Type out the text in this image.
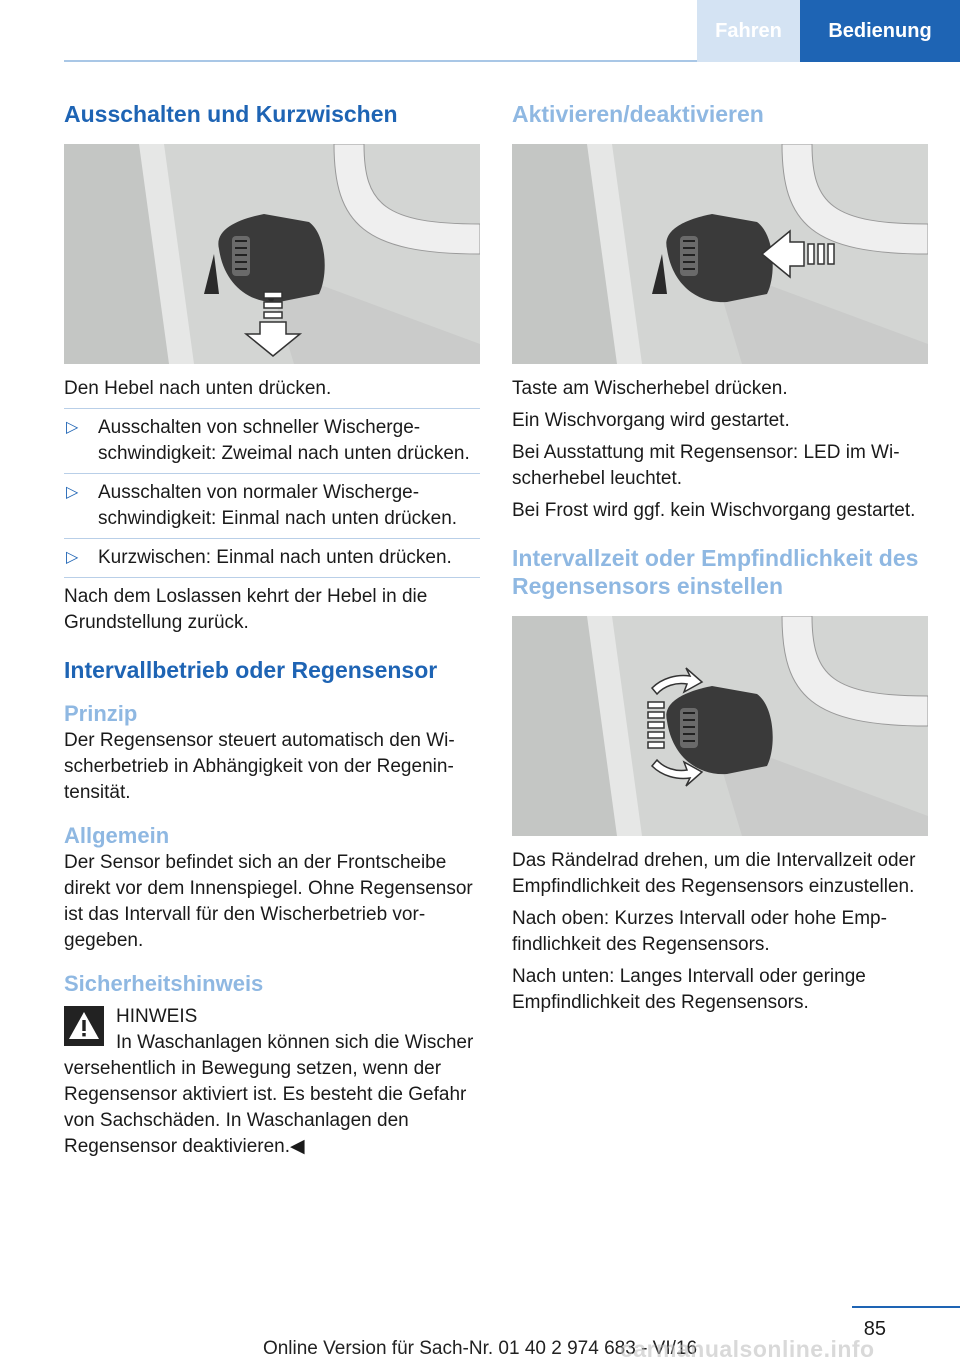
Fahren	Bedienung
Ausschalten und Kurzwischen

Den Hebel nach unten drücken.

▷ Ausschalten von schneller Wischergeschwindigkeit: Zweimal nach unten drücken.
▷ Ausschalten von normaler Wischergeschwindigkeit: Einmal nach unten drücken.
▷ Kurzwischen: Einmal nach unten drücken.

Nach dem Loslassen kehrt der Hebel in die Grundstellung zurück.

Intervallbetrieb oder Regensensor
Prinzip

Der Regensensor steuert automatisch den Wischerbetrieb in Abhängigkeit von der Regenintensität.

Allgemein

Der Sensor befindet sich an der Frontscheibe direkt vor dem Innenspiegel. Ohne Regensensor ist das Intervall für den Wischerbetrieb vorgegeben.

Sicherheitshinweis

HINWEIS

In Waschanlagen können sich die Wischer versehentlich in Bewegung setzen, wenn der Regensensor aktiviert ist. Es besteht die Gefahr von Sachschäden. In Waschanlagen den Regensensor deaktivieren.◀

Aktivieren/deaktivieren

Taste am Wischerhebel drücken.

Ein Wischvorgang wird gestartet.

Bei Ausstattung mit Regensensor: LED im Wischerhebel leuchtet.

Bei Frost wird ggf. kein Wischvorgang gestartet.

Intervallzeit oder Empfindlichkeit des Regensensors einstellen

Das Rändelrad drehen, um die Intervallzeit oder Empfindlichkeit des Regensensors einzustellen.

Nach oben: Kurzes Intervall oder hohe Empfindlichkeit des Regensensors.

Nach unten: Langes Intervall oder geringe Empfindlichkeit des Regensensors.

85
Online Version für Sach-Nr. 01 40 2 974 683 - VI/16
carmanualsonline.info
